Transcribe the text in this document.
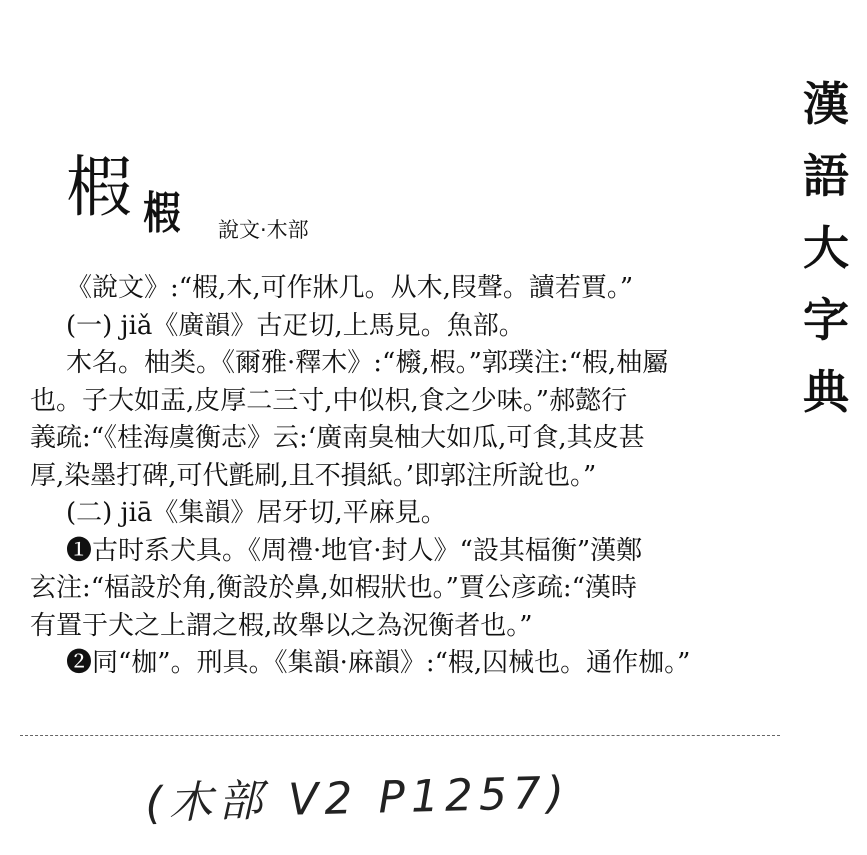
漢
語
大
字
典
椵 椵 說文·木部
《說文》:“椵,木,可作牀几。从木,叚聲。讀若賈。”
(一) jiǎ《廣韻》古疋切,上馬見。魚部。
木名。柚类。《爾雅·釋木》:“櫠,椵。”郭璞注:“椵,柚屬
也。子大如盂,皮厚二三寸,中似枳,食之少味。”郝懿行
義疏:“《桂海虞衡志》云:‘廣南臭柚大如瓜,可食,其皮甚
厚,染墨打碑,可代氈刷,且不損紙。’即郭注所說也。”
(二) jiā《集韻》居牙切,平麻見。
❶古时系犬具。《周禮·地官·封人》“設其楅衡”漢鄭
玄注:“楅設於角,衡設於鼻,如椵狀也。”賈公彦疏:“漢時
有置于犬之上謂之椵,故舉以之為況衡者也。”
❷同“枷”。刑具。《集韻·麻韻》:“椵,囚械也。通作枷。”
(木部 V2 P1257)
